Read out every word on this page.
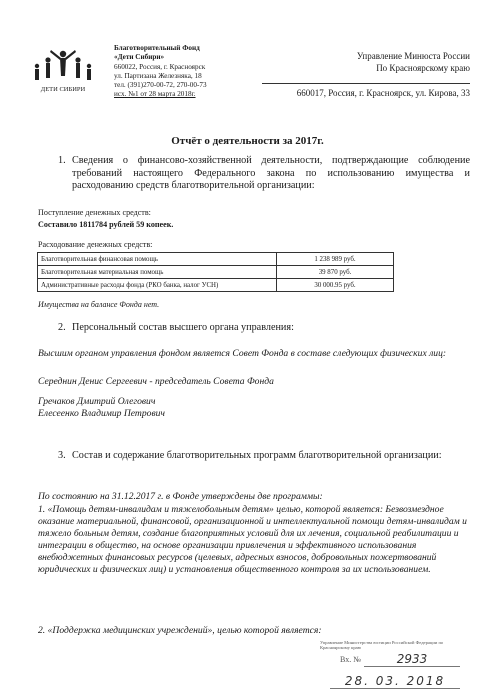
ДЕТИ СИБИРИ
Благотворительный Фонд
«Дети Сибири»
660022, Россия, г. Красноярск
ул. Партизана Железняка, 18
тел. (391)270-00-72, 270-00-73
исх. №1 от 28 марта 2018г.
Управление Минюста России
По Красноярскому краю
660017, Россия, г. Красноярск, ул. Кирова, 33
Отчёт о деятельности за 2017г.
1. Сведения о финансово-хозяйственной деятельности, подтверждающие соблюдение требований настоящего Федерального закона по использованию имущества и расходованию средств благотворительной организации:
Поступление денежных средств:
Составило 1811784 рублей 59 копеек.
Расходование денежных средств:
Благотворительная финансовая помощь	1 238 989 руб.
Благотворительная материальная помощь	39 870 руб.
Административные расходы фонда (РКО банка, налог УСН)	30 000.95 руб.
Имущества на балансе Фонда нет.
2. Персональный состав высшего органа управления:
Высшим органом управления фондом является Совет Фонда в составе следующих физических лиц:
Середнин Денис Сергеевич - председатель Совета Фонда
Гречаков Дмитрий Олегович
Елесеенко Владимир Петрович
3. Состав и содержание благотворительных программ благотворительной организации:
По состоянию на 31.12.2017 г. в Фонде утверждены две программы:
1. «Помощь детям-инвалидам и тяжелобольным детям» целью, которой является: Безвозмездное оказание материальной, финансовой, организационной и интеллектуальной помощи детям-инвалидам и тяжело больным детям, создание благоприятных условий для их лечения, социальной реабилитации и интеграции в общество, на основе организации привлечения и эффективного использования внебюджетных финансовых ресурсов (целевых, адресных взносов, добровольных пожертвований юридических и физических лиц) и установления общественного контроля за их использованием.
2. «Поддержка медицинских учреждений», целью которой является:
Управление Министерства юстиции Российской Федерации по Красноярскому краю
Вх. №	2933
28. 03. 2018
